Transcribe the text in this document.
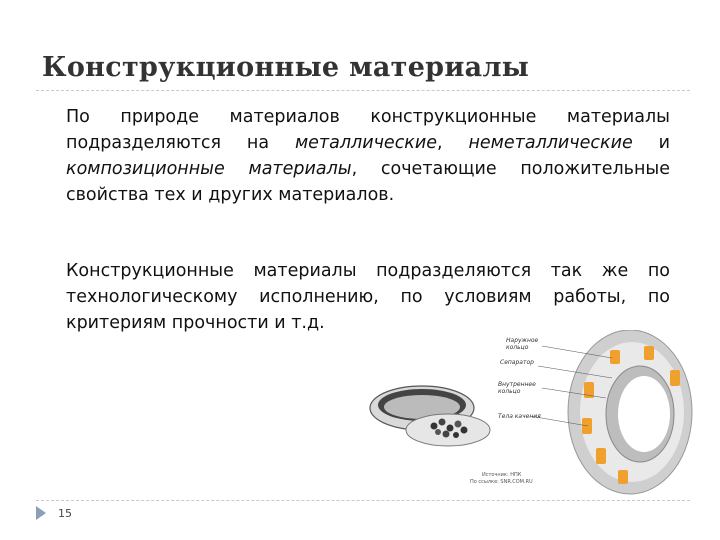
Конструкционные материалы

По природе материалов конструкционные материалы подразделяются на металлические, неметаллические и композиционные материалы, сочетающие положительные свойства тех и других материалов.

Конструкционные материалы подразделяются так же по технологическому исполнению, по условиям работы, по критериям прочности и т.д.

Наружное
кольцо
Сепаратор
Внутреннее
кольцо
Тела качения
Источник: НПК
По ссылке: SNR.COM.RU
15
